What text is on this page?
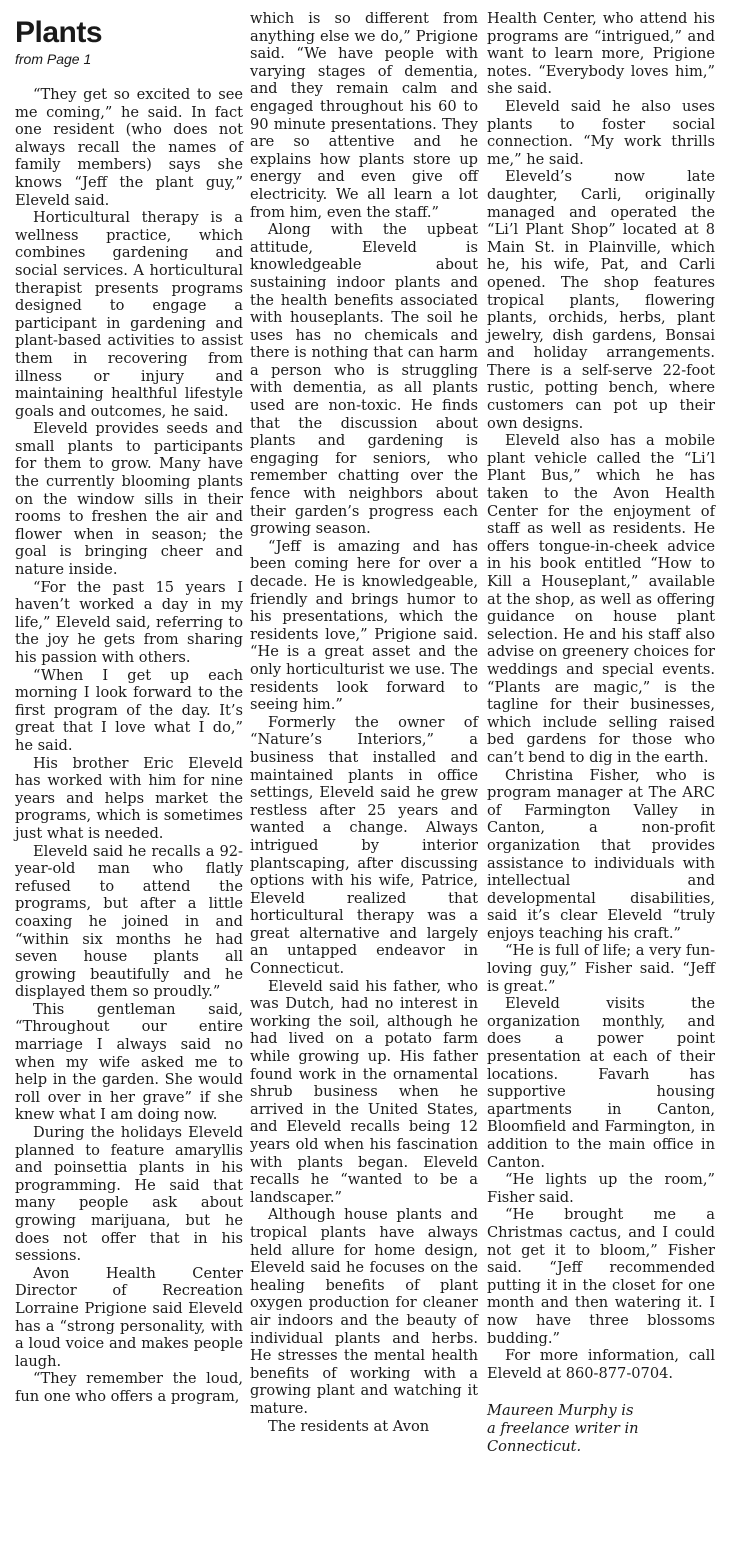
Plants
from Page 1

“They get so excited to see me coming,” he said. In fact one resident (who does not always recall the names of family members) says she knows “Jeff the plant guy,” Eleveld said.

Horticultural therapy is a wellness practice, which combines gardening and social services. A horticultural therapist presents programs designed to engage a participant in gardening and plant-based activities to assist them in recovering from illness or injury and maintaining healthful lifestyle goals and outcomes, he said.

Eleveld provides seeds and small plants to participants for them to grow. Many have the currently blooming plants on the window sills in their rooms to freshen the air and flower when in season; the goal is bringing cheer and nature inside.

“For the past 15 years I haven’t worked a day in my life,” Eleveld said, referring to the joy he gets from sharing his passion with others.

“When I get up each morning I look forward to the first program of the day. It’s great that I love what I do,” he said.

His brother Eric Eleveld has worked with him for nine years and helps market the programs, which is sometimes just what is needed.

Eleveld said he recalls a 92-year-old man who flatly refused to attend the programs, but after a little coaxing he joined in and “within six months he had seven house plants all growing beautifully and he displayed them so proudly.”

This gentleman said, “Throughout our entire marriage I always said no when my wife asked me to help in the garden. She would roll over in her grave” if she knew what I am doing now.

During the holidays Eleveld planned to feature amaryllis and poinsettia plants in his programming. He said that many people ask about growing marijuana, but he does not offer that in his sessions.

Avon Health Center Director of Recreation Lorraine Prigione said Eleveld has a “strong personality, with a loud voice and makes people laugh.

“They remember the loud, fun one who offers a program,

which is so different from anything else we do,” Prigione said. “We have people with varying stages of dementia, and they remain calm and engaged throughout his 60 to 90 minute presentations. They are so attentive and he explains how plants store up energy and even give off electricity. We all learn a lot from him, even the staff.”

Along with the upbeat attitude, Eleveld is knowledgeable about sustaining indoor plants and the health benefits associated with houseplants. The soil he uses has no chemicals and there is nothing that can harm a person who is struggling with dementia, as all plants used are non-toxic. He finds that the discussion about plants and gardening is engaging for seniors, who remember chatting over the fence with neighbors about their garden’s progress each growing season.

“Jeff is amazing and has been coming here for over a decade. He is knowledgeable, friendly and brings humor to his presentations, which the residents love,” Prigione said. “He is a great asset and the only horticulturist we use. The residents look forward to seeing him.”

Formerly the owner of “Nature’s Interiors,” a business that installed and maintained plants in office settings, Eleveld said he grew restless after 25 years and wanted a change. Always intrigued by interior plantscaping, after discussing options with his wife, Patrice, Eleveld realized that horticultural therapy was a great alternative and largely an untapped endeavor in Connecticut.

Eleveld said his father, who was Dutch, had no interest in working the soil, although he had lived on a potato farm while growing up. His father found work in the ornamental shrub business when he arrived in the United States, and Eleveld recalls being 12 years old when his fascination with plants began. Eleveld recalls he “wanted to be a landscaper.”

Although house plants and tropical plants have always held allure for home design, Eleveld said he focuses on the healing benefits of plant oxygen production for cleaner air indoors and the beauty of individual plants and herbs. He stresses the mental health benefits of working with a growing plant and watching it mature.

The residents at Avon

Health Center, who attend his programs are “intrigued,” and want to learn more, Prigione notes. “Everybody loves him,” she said.

Eleveld said he also uses plants to foster social connection. “My work thrills me,” he said.

Eleveld’s now late daughter, Carli, originally managed and operated the “Li’l Plant Shop” located at 8 Main St. in Plainville, which he, his wife, Pat, and Carli opened. The shop features tropical plants, flowering plants, orchids, herbs, plant jewelry, dish gardens, Bonsai and holiday arrangements. There is a self-serve 22-foot rustic, potting bench, where customers can pot up their own designs.

Eleveld also has a mobile plant vehicle called the “Li’l Plant Bus,” which he has taken to the Avon Health Center for the enjoyment of staff as well as residents. He offers tongue-in-cheek advice in his book entitled “How to Kill a Houseplant,” available at the shop, as well as offering guidance on house plant selection. He and his staff also advise on greenery choices for weddings and special events. “Plants are magic,” is the tagline for their businesses, which include selling raised bed gardens for those who can’t bend to dig in the earth.

Christina Fisher, who is program manager at The ARC of Farmington Valley in Canton, a non-profit organization that provides assistance to individuals with intellectual and developmental disabilities, said it’s clear Eleveld “truly enjoys teaching his craft.”

“He is full of life; a very fun-loving guy,” Fisher said. “Jeff is great.”

Eleveld visits the organization monthly, and does a power point presentation at each of their locations. Favarh has supportive housing apartments in Canton, Bloomfield and Farmington, in addition to the main office in Canton.

“He lights up the room,” Fisher said.

“He brought me a Christmas cactus, and I could not get it to bloom,” Fisher said. “Jeff recommended putting it in the closet for one month and then watering it. I now have three blossoms budding.”

For more information, call Eleveld at 860-877-0704.

Maureen Murphy is
a freelance writer in
Connecticut.
